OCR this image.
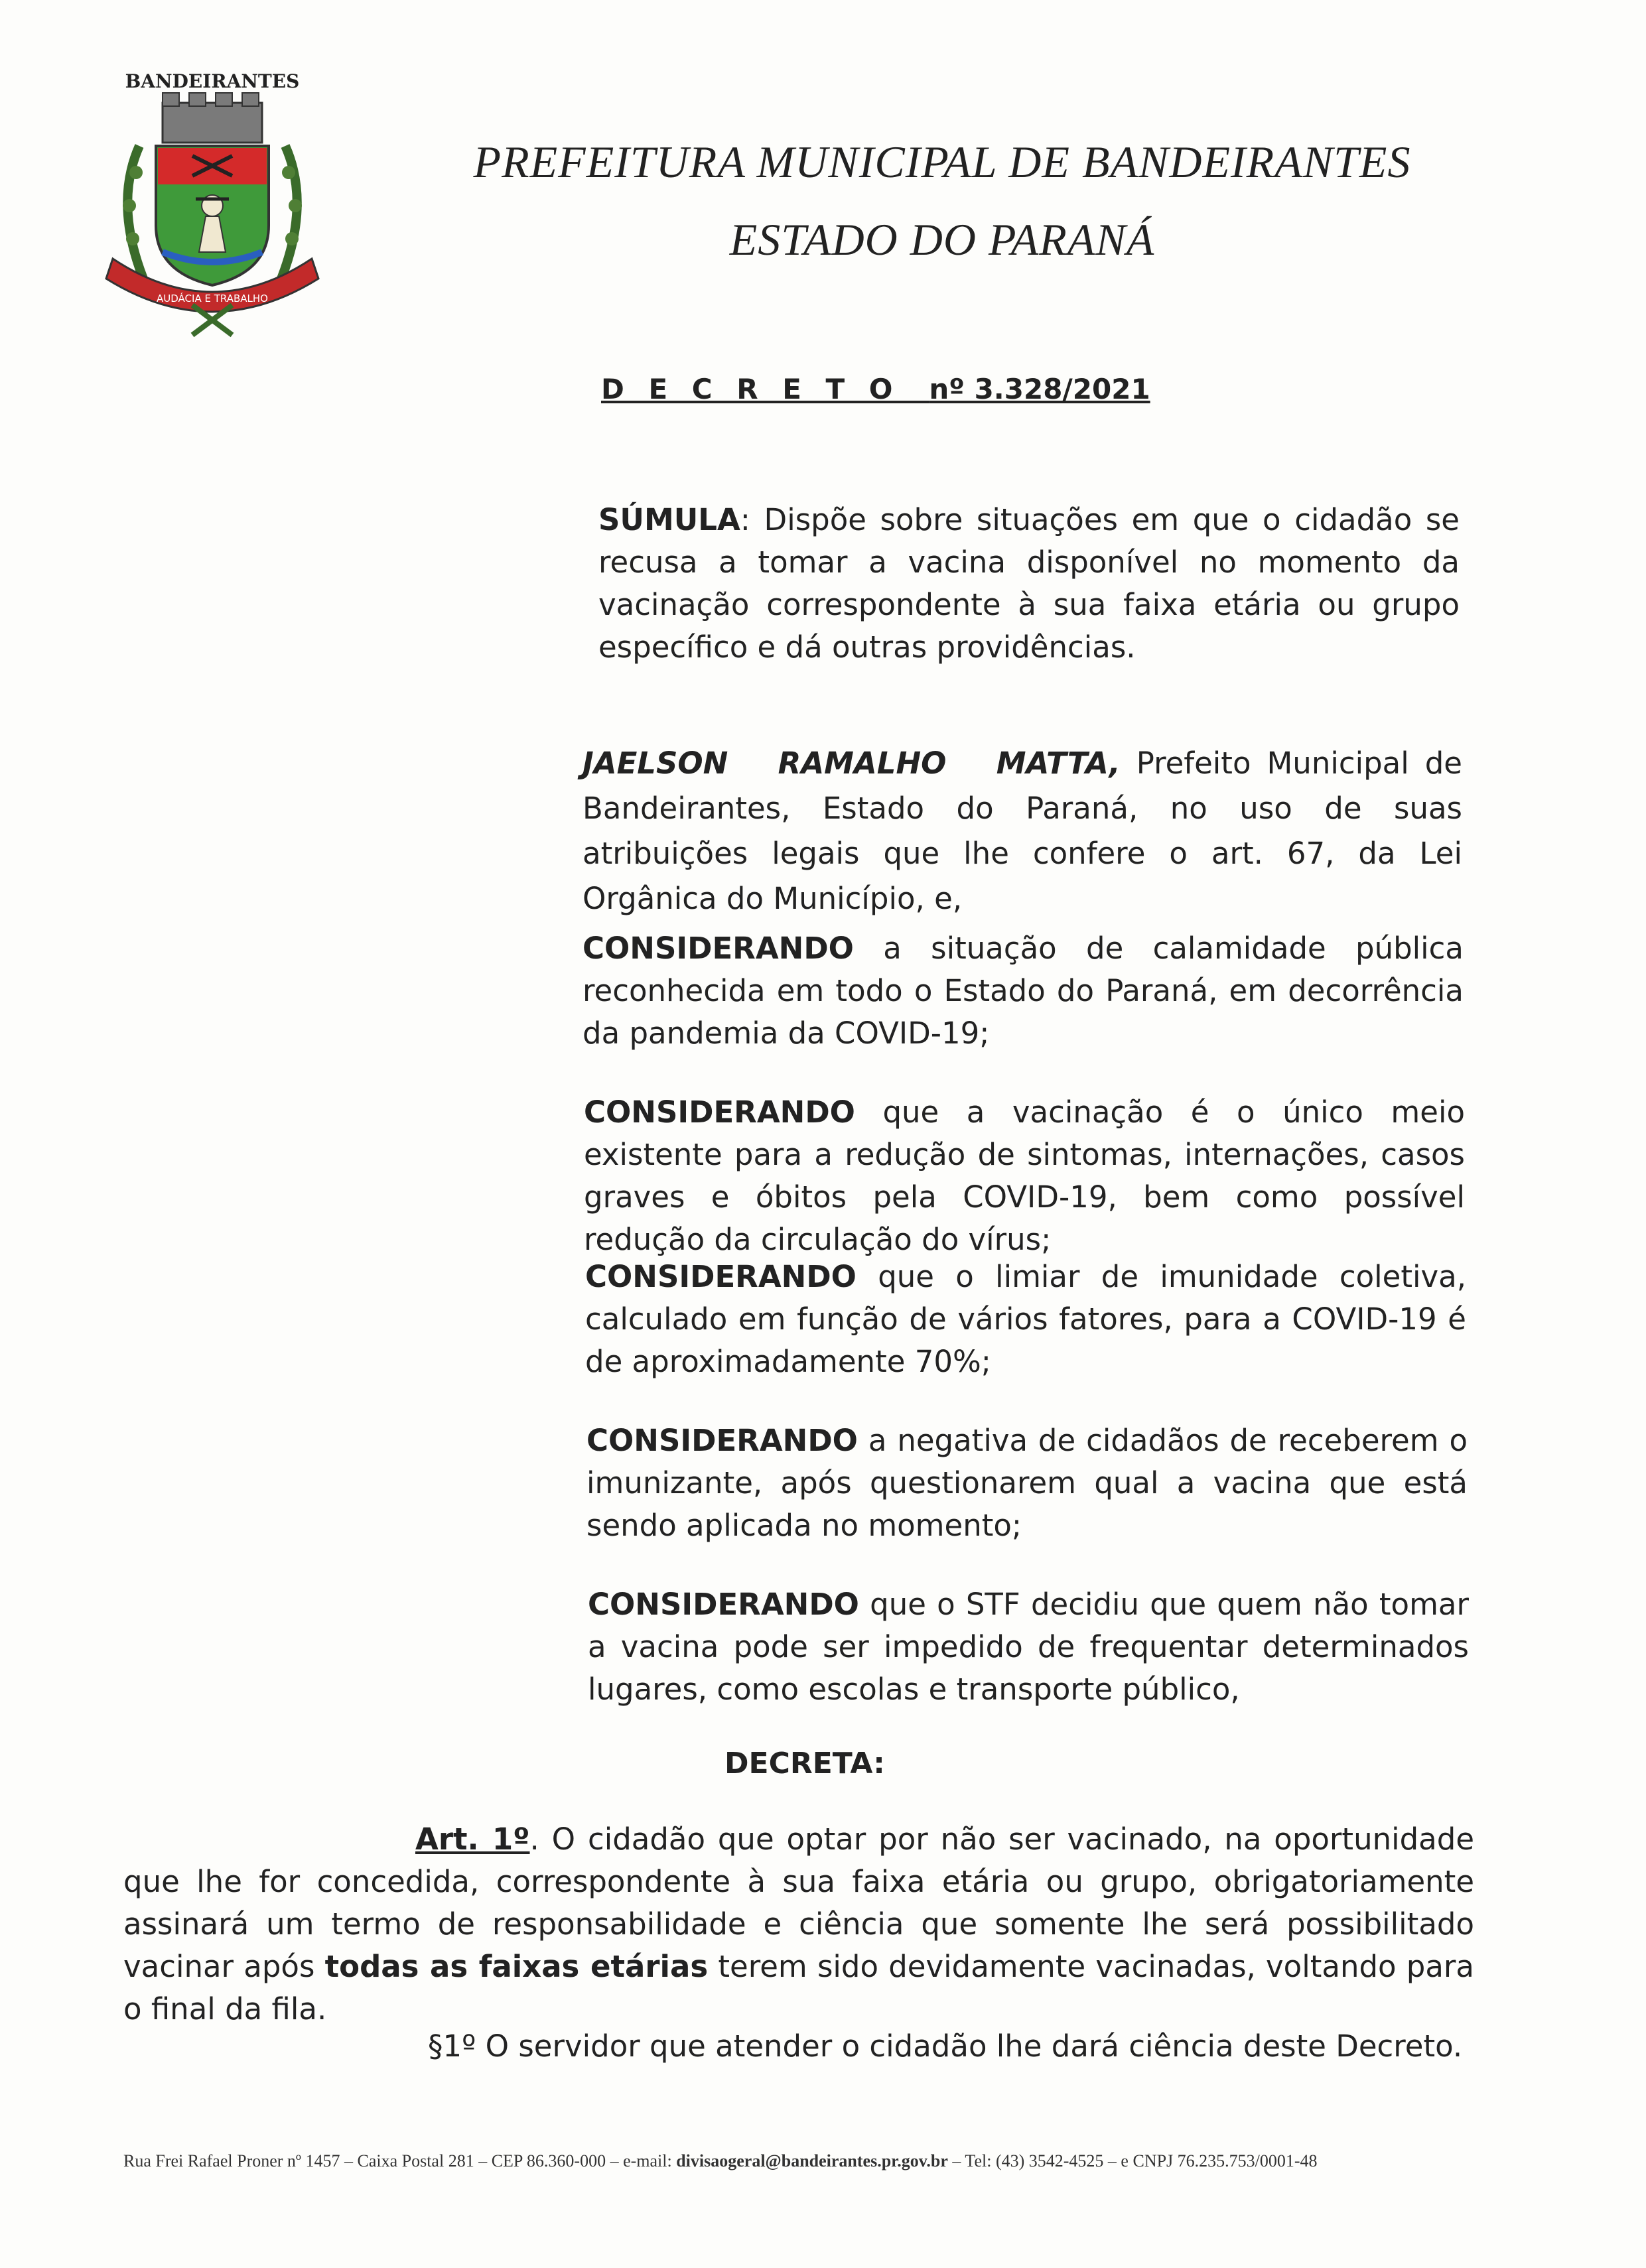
AUDÁCIA E TRABALHO
BANDEIRANTES
PREFEITURA MUNICIPAL DE BANDEIRANTES
ESTADO DO PARANÁ
D E C R E T O nº 3.328/2021

SÚMULA: Dispõe sobre situações em que o cidadão se recusa a tomar a vacina disponível no momento da vacinação correspondente à sua faixa etária ou grupo específico e dá outras providências.

JAELSON RAMALHO MATTA, Prefeito Municipal de Bandeirantes, Estado do Paraná, no uso de suas atribuições legais que lhe confere o art. 67, da Lei Orgânica do Município, e,

CONSIDERANDO a situação de calamidade pública reconhecida em todo o Estado do Paraná, em decorrência da pandemia da COVID-19;

CONSIDERANDO que a vacinação é o único meio existente para a redução de sintomas, internações, casos graves e óbitos pela COVID-19, bem como possível redução da circulação do vírus;

CONSIDERANDO que o limiar de imunidade coletiva, calculado em função de vários fatores, para a COVID-19 é de aproximadamente 70%;

CONSIDERANDO a negativa de cidadãos de receberem o imunizante, após questionarem qual a vacina que está sendo aplicada no momento;

CONSIDERANDO que o STF decidiu que quem não tomar a vacina pode ser impedido de frequentar determinados lugares, como escolas e transporte público,

DECRETA:

Art. 1º. O cidadão que optar por não ser vacinado, na oportunidade que lhe for concedida, correspondente à sua faixa etária ou grupo, obrigatoriamente assinará um termo de responsabilidade e ciência que somente lhe será possibilitado vacinar após todas as faixas etárias terem sido devidamente vacinadas, voltando para o final da fila.

§1º O servidor que atender o cidadão lhe dará ciência deste Decreto.

Rua Frei Rafael Proner nº 1457 – Caixa Postal 281 – CEP 86.360-000 – e-mail: divisaogeral@bandeirantes.pr.gov.br – Tel: (43) 3542-4525 – e CNPJ 76.235.753/0001-48
